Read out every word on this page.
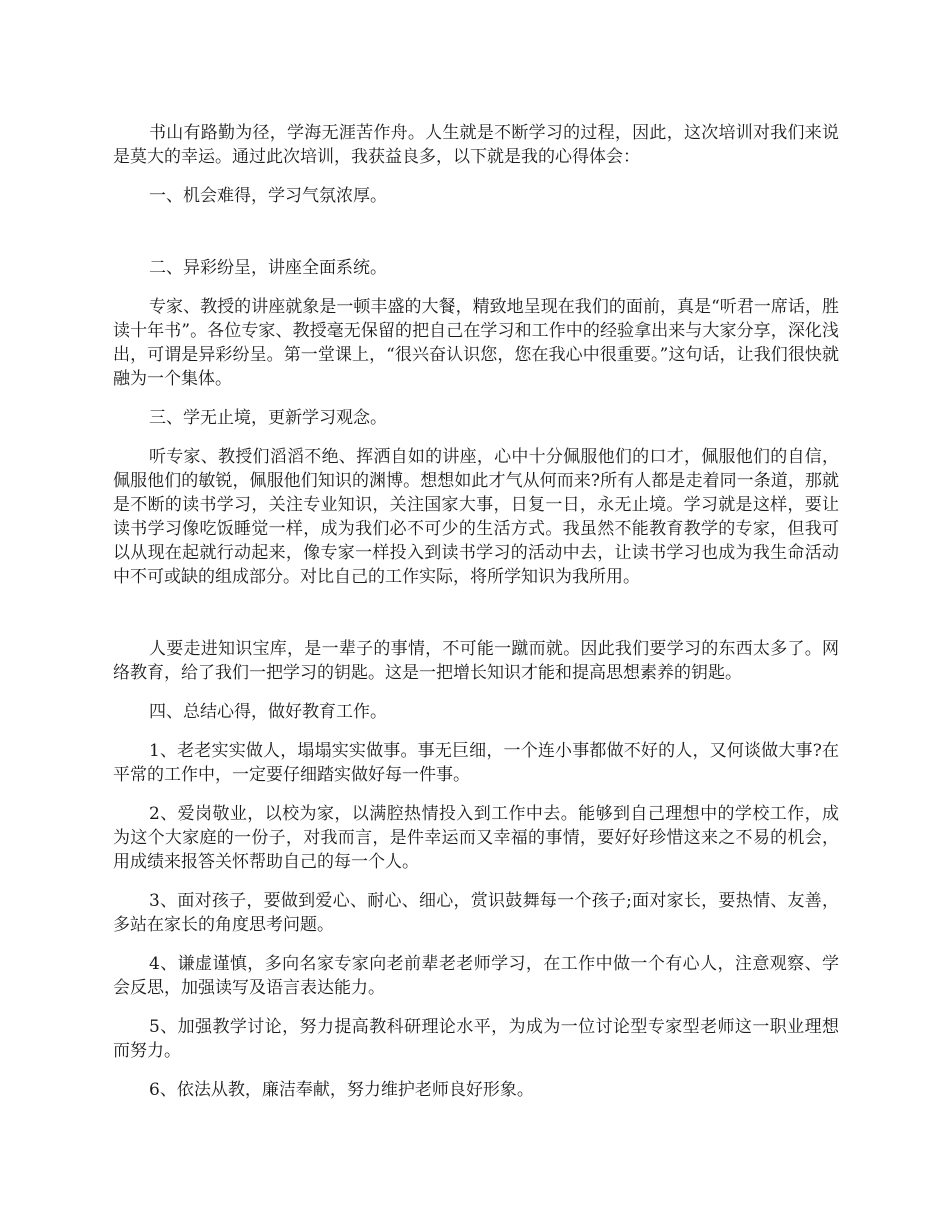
书山有路勤为径，学海无涯苦作舟。人生就是不断学习的过程，因此，这次培训对我们来说是莫大的幸运。通过此次培训，我获益良多，以下就是我的心得体会：

一、机会难得，学习气氛浓厚。

二、异彩纷呈，讲座全面系统。

专家、教授的讲座就象是一顿丰盛的大餐，精致地呈现在我们的面前，真是“听君一席话，胜读十年书”。各位专家、教授毫无保留的把自己在学习和工作中的经验拿出来与大家分享，深化浅出，可谓是异彩纷呈。第一堂课上，“很兴奋认识您，您在我心中很重要。”这句话，让我们很快就融为一个集体。

三、学无止境，更新学习观念。

听专家、教授们滔滔不绝、挥洒自如的讲座，心中十分佩服他们的口才，佩服他们的自信，佩服他们的敏锐，佩服他们知识的渊博。想想如此才气从何而来?所有人都是走着同一条道，那就是不断的读书学习，关注专业知识，关注国家大事，日复一日，永无止境。学习就是这样，要让读书学习像吃饭睡觉一样，成为我们必不可少的生活方式。我虽然不能教育教学的专家，但我可以从现在起就行动起来，像专家一样投入到读书学习的活动中去，让读书学习也成为我生命活动中不可或缺的组成部分。对比自己的工作实际，将所学知识为我所用。

人要走进知识宝库，是一辈子的事情，不可能一蹴而就。因此我们要学习的东西太多了。网络教育，给了我们一把学习的钥匙。这是一把增长知识才能和提高思想素养的钥匙。

四、总结心得，做好教育工作。

1、老老实实做人，塌塌实实做事。事无巨细，一个连小事都做不好的人，又何谈做大事?在平常的工作中，一定要仔细踏实做好每一件事。

2、爱岗敬业，以校为家，以满腔热情投入到工作中去。能够到自己理想中的学校工作，成为这个大家庭的一份子，对我而言，是件幸运而又幸福的事情，要好好珍惜这来之不易的机会，用成绩来报答关怀帮助自己的每一个人。

3、面对孩子，要做到爱心、耐心、细心，赏识鼓舞每一个孩子;面对家长，要热情、友善，多站在家长的角度思考问题。

4、谦虚谨慎，多向名家专家向老前辈老老师学习，在工作中做一个有心人，注意观察、学会反思，加强读写及语言表达能力。

5、加强教学讨论，努力提高教科研理论水平，为成为一位讨论型专家型老师这一职业理想而努力。

6、依法从教，廉洁奉献，努力维护老师良好形象。
